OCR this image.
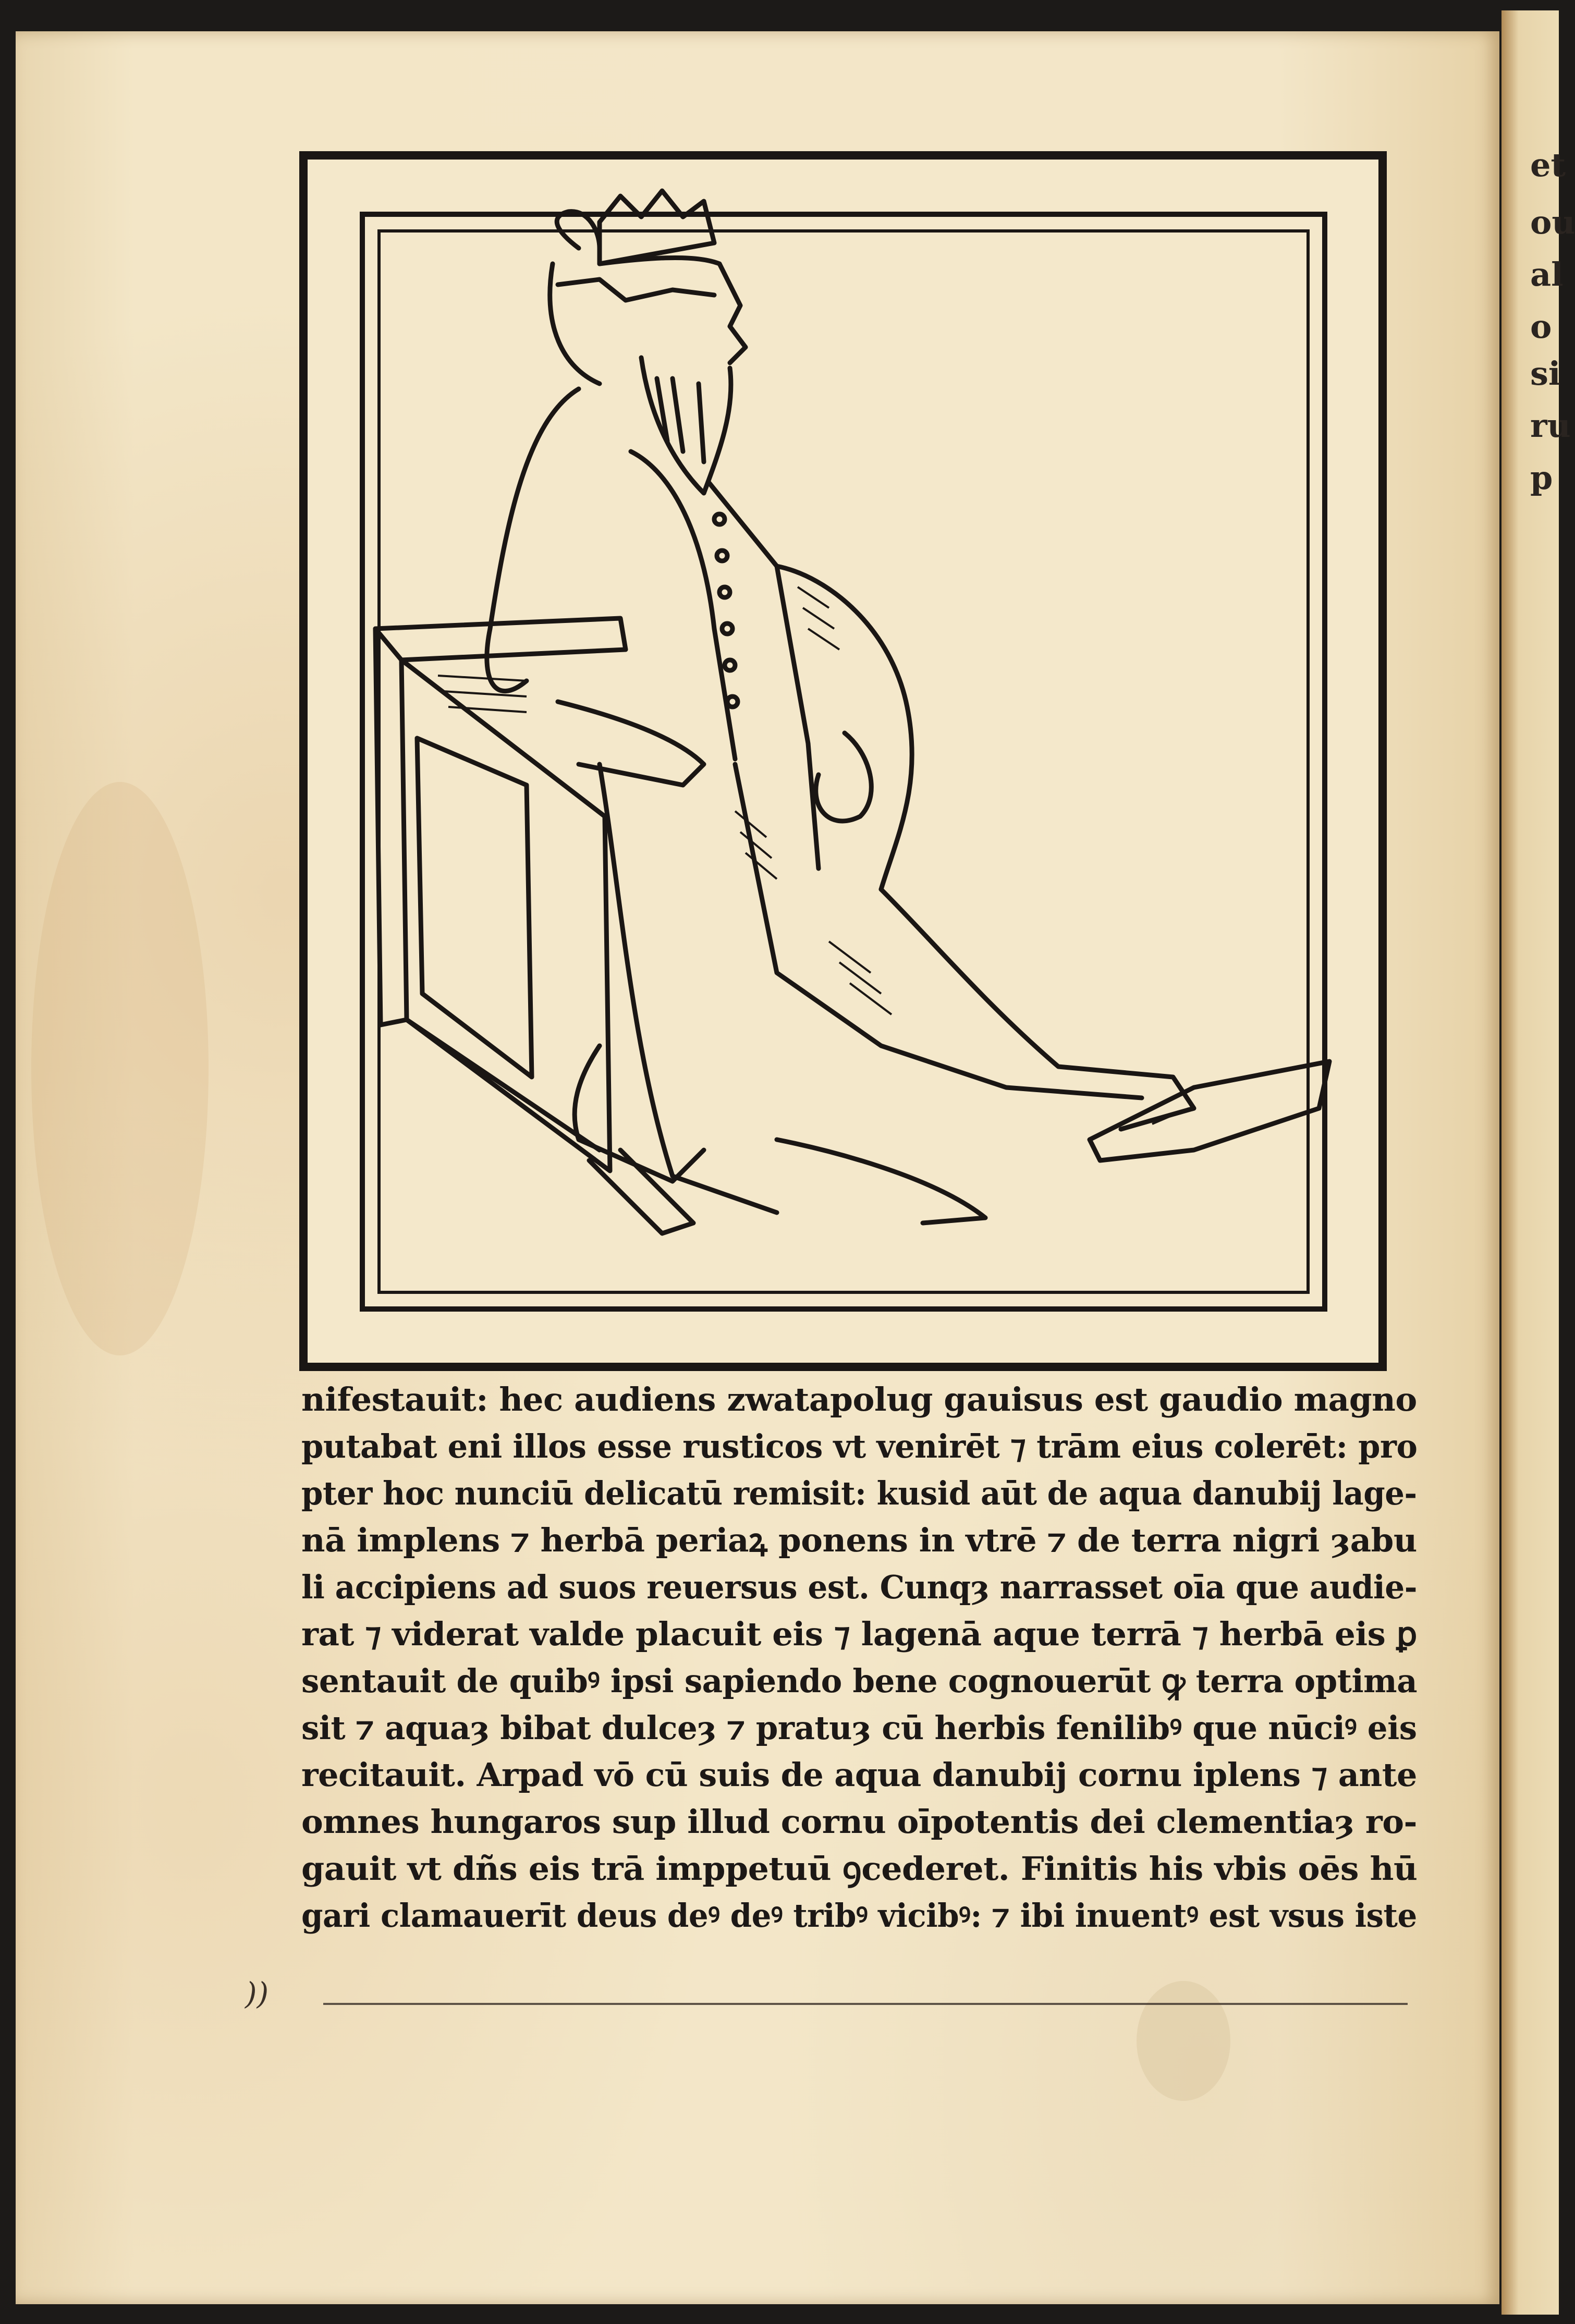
et
ou
al
o
si
ru
p
nifestauit: hec audiens zwatapolug gauisus est gaudio magno
putabat eni illos esse rusticos vt venirēt ⁊ trām eius colerēt: pro
pter hoc nunciū delicatū remisit: kusid aūt de aqua danubij lage-
nā implens ⁊ herbā periaꝝ ponens in vtrē ⁊ de terra nigri ȝabu
li accipiens ad suos reuersus est. Cunqȝ narrasset oīa que audie-
rat ⁊ viderat valde placuit eis ⁊ lagenā aque terrā ⁊ herbā eis ꝑ
sentauit de quibꝰ ipsi sapiendo bene cognouerūt ꝙ terra optima
sit ⁊ aquaȝ bibat dulceȝ ⁊ pratuȝ cū herbis fenilibꝰ que nūciꝰ eis
recitauit. Arpad vō cū suis de aqua danubij cornu iplens ⁊ ante
omnes hungaros sup illud cornu oīpotentis dei clementiaȝ ro-
gauit vt dñs eis trā imppetuū ꝯcederet. Finitis his vbis oēs hū
gari clamauerīt deus deꝰ deꝰ tribꝰ vicibꝰ: ⁊ ibi inuentꝰ est vsus iste
))
